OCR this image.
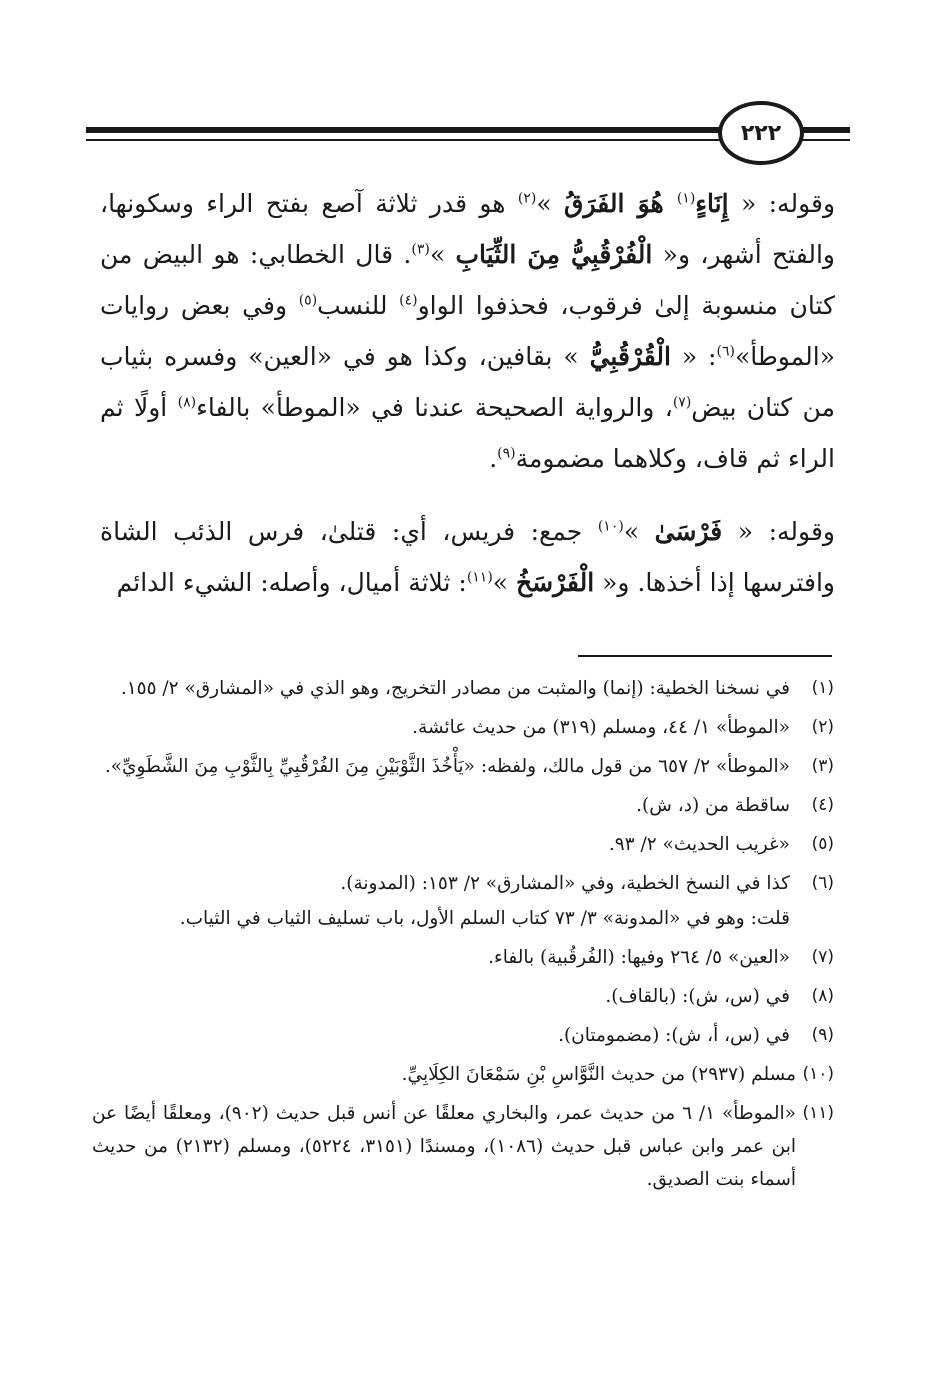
٢٢٢

وقوله: « إِنَاءٍ$^{(١)}$ هُوَ الفَرَقُ »$^{(٢)}$ هو قدر ثلاثة آصع بفتح الراء وسكونها، والفتح أشهر، و« الْفُرْقُبِيُّ مِنَ الثِّيَابِ »$^{(٣)}$. قال الخطابي: هو البيض من كتان منسوبة إلىٰ فرقوب، فحذفوا الواو$^{(٤)}$ للنسب$^{(٥)}$ وفي بعض روايات «الموطأ»$^{(٦)}$: « الْقُرْقُبِيُّ » بقافين، وكذا هو في «العين» وفسره بثياب من كتان بيض$^{(٧)}$، والرواية الصحيحة عندنا في «الموطأ» بالفاء$^{(٨)}$ أولًا ثم الراء ثم قاف، وكلاهما مضمومة$^{(٩)}$.

وقوله: « فَرْسَىٰ »$^{(١٠)}$ جمع: فريس، أي: قتلىٰ، فرس الذئب الشاة وافترسها إذا أخذها. و« الْفَرْسَخُ »$^{(١١)}$: ثلاثة أميال، وأصله: الشيء الدائم

(١)
في نسخنا الخطية: (إنما) والمثبت من مصادر التخريج، وهو الذي في «المشارق» ٢/ ١٥٥.
(٢)
«الموطأ» ١/ ٤٤، ومسلم (٣١٩) من حديث عائشة.
(٣)
«الموطأ» ٢/ ٦٥٧ من قول مالك، ولفظه: «يَأْخُذَ الثَّوْبَيْنِ مِنَ الفُرْقُبِيِّ بِالثَّوْبِ مِنَ الشَّطَوِيِّ».
(٤)
ساقطة من (د، ش).
(٥)
«غريب الحديث» ٢/ ٩٣.
(٦)
كذا في النسخ الخطية، وفي «المشارق» ٢/ ١٥٣: (المدونة).
قلت: وهو في «المدونة» ٣/ ٧٣ كتاب السلم الأول، باب تسليف الثياب في الثياب.
(٧)
«العين» ٥/ ٢٦٤ وفيها: (الفُرقُبية) بالفاء.
(٨)
في (س، ش): (بالقاف).
(٩)
في (س، أ، ش): (مضمومتان).
(١٠)
مسلم (٢٩٣٧) من حديث النَّوَّاسِ بْنِ سَمْعَانَ الكِلَابِيِّ.
(١١)
«الموطأ» ١/ ٦ من حديث عمر، والبخاري معلقًا عن أنس قبل حديث (٩٠٢)، ومعلقًا أيضًا عن ابن عمر وابن عباس قبل حديث (١٠٨٦)، ومسندًا (٣١٥١، ٥٢٢٤)، ومسلم (٢١٣٢) من حديث أسماء بنت الصديق.
